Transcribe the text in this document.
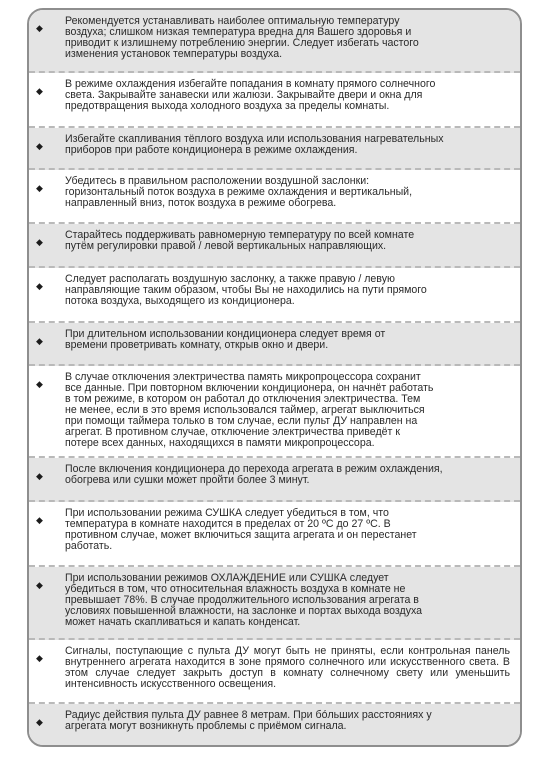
◆
Рекомендуется устанавливать наиболее оптимальную температуру
воздуха; слишком низкая температура вредна для Вашего здоровья и
приводит к излишнему потреблению энергии. Следует избегать частого
изменения установок температуры воздуха.
◆
В режиме охлаждения избегайте попадания в комнату прямого солнечного
света. Закрывайте занавески или жалюзи. Закрывайте двери и окна для
предотвращения выхода холодного воздуха за пределы комнаты.
◆
Избегайте скапливания тёплого воздуха или использования нагревательных
приборов при работе кондиционера в режиме охлаждения.
◆
Убедитесь в правильном расположении воздушной заслонки:
горизонтальный поток воздуха в режиме охлаждения и вертикальный,
направленный вниз, поток воздуха в режиме обогрева.
◆
Старайтесь поддерживать равномерную температуру по всей комнате
путём регулировки правой / левой вертикальных направляющих.
◆
Следует располагать воздушную заслонку, а также правую / левую
направляющие таким образом, чтобы Вы не находились на пути прямого
потока воздуха, выходящего из кондиционера.
◆
При длительном использовании кондиционера следует время от
времени проветривать комнату, открыв окно и двери.
◆
В случае отключения электричества память микропроцессора сохранит
все данные. При повторном включении кондиционера, он начнёт работать
в том режиме, в котором он работал до отключения электричества. Тем
не менее, если в это время использовался таймер, агрегат выключиться
при помощи таймера только в том случае, если пульт ДУ направлен на
агрегат. В противном случае, отключение электричества приведёт к
потере всех данных, находящихся в памяти микропроцессора.
◆
После включения кондиционера до перехода агрегата в режим охлаждения,
обогрева или сушки может пройти более 3 минут.
◆
При использовании режима СУШКА следует убедиться в том, что
температура в комнате находится в пределах от 20 ºС до 27 ºС. В
противном случае, может включиться защита агрегата и он перестанет
работать.
◆
При использовании режимов ОХЛАЖДЕНИЕ или СУШКА следует
убедиться в том, что относительная влажность воздуха в комнате не
превышает 78%. В случае продолжительного использования агрегата в
условиях повышенной влажности, на заслонке и портах выхода воздуха
может начать скапливаться и капать конденсат.
◆
Сигналы, поступающие с пульта ДУ могут быть не приняты, если контрольная панель внутреннего агрегата находится в зоне прямого солнечного или искусственного света. В этом случае следует закрыть доступ в комнату солнечному свету или уменьшить интенсивность искусственного освещения.
◆
Радиус действия пульта ДУ равнее 8 метрам. При бóльших расстояниях у
агрегата могут возникнуть проблемы с приёмом сигнала.
